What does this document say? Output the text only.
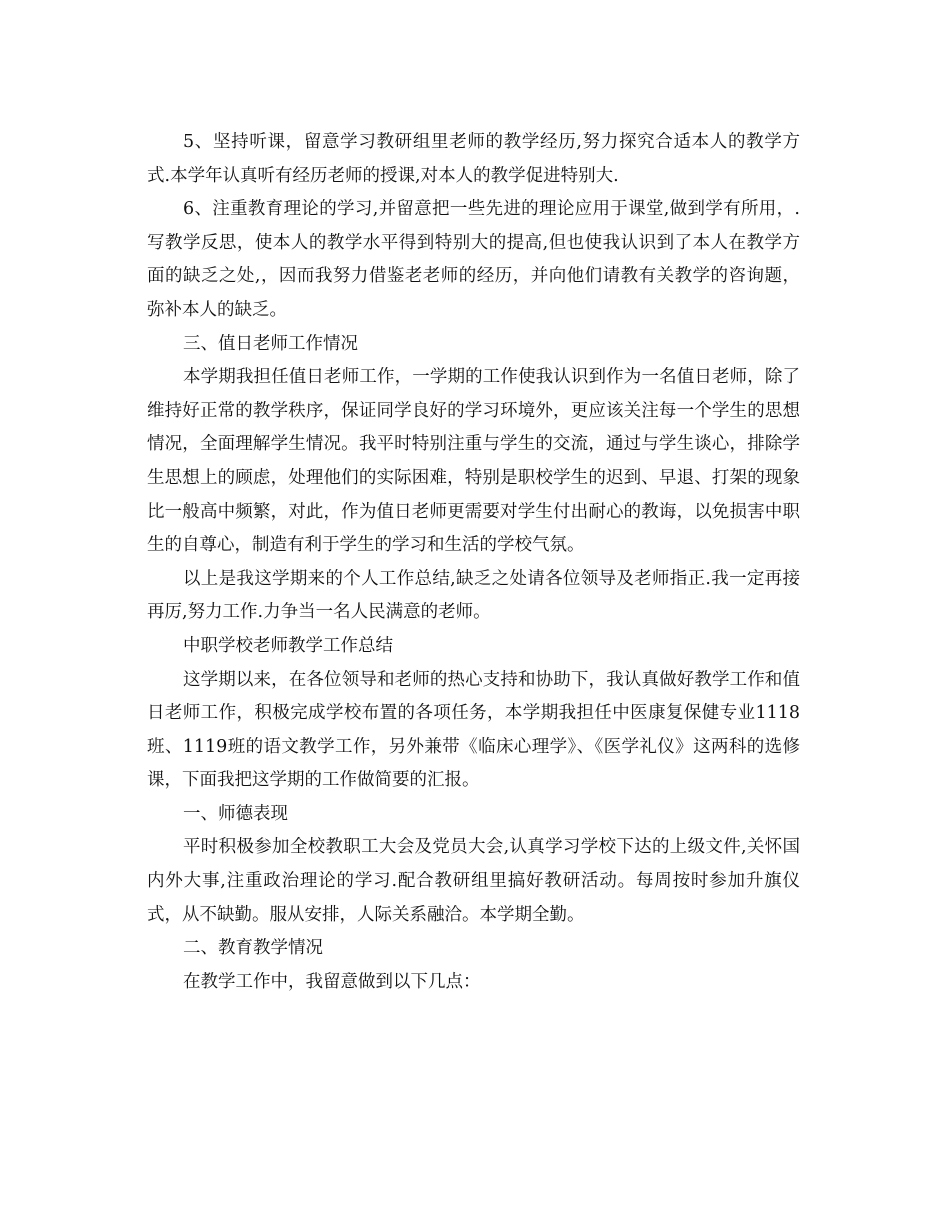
5、坚持听课，留意学习教研组里老师的教学经历,努力探究合适本人的教学方式.本学年认真听有经历老师的授课,对本人的教学促进特别大.

6、注重教育理论的学习,并留意把一些先进的理论应用于课堂,做到学有所用，.写教学反思，使本人的教学水平得到特别大的提高,但也使我认识到了本人在教学方面的缺乏之处,，因而我努力借鉴老老师的经历，并向他们请教有关教学的咨询题，弥补本人的缺乏。

三、值日老师工作情况

本学期我担任值日老师工作，一学期的工作使我认识到作为一名值日老师，除了维持好正常的教学秩序，保证同学良好的学习环境外，更应该关注每一个学生的思想情况，全面理解学生情况。我平时特别注重与学生的交流，通过与学生谈心，排除学生思想上的顾虑，处理他们的实际困难，特别是职校学生的迟到、早退、打架的现象比一般高中频繁，对此，作为值日老师更需要对学生付出耐心的教诲，以免损害中职生的自尊心，制造有利于学生的学习和生活的学校气氛。

以上是我这学期来的个人工作总结,缺乏之处请各位领导及老师指正.我一定再接再厉,努力工作.力争当一名人民满意的老师。

中职学校老师教学工作总结

这学期以来，在各位领导和老师的热心支持和协助下，我认真做好教学工作和值日老师工作，积极完成学校布置的各项任务，本学期我担任中医康复保健专业1118班、1119班的语文教学工作，另外兼带《临床心理学》、《医学礼仪》这两科的选修课，下面我把这学期的工作做简要的汇报。

一、师德表现

平时积极参加全校教职工大会及党员大会,认真学习学校下达的上级文件,关怀国内外大事,注重政治理论的学习.配合教研组里搞好教研活动。每周按时参加升旗仪式，从不缺勤。服从安排，人际关系融洽。本学期全勤。

二、教育教学情况

在教学工作中，我留意做到以下几点：
